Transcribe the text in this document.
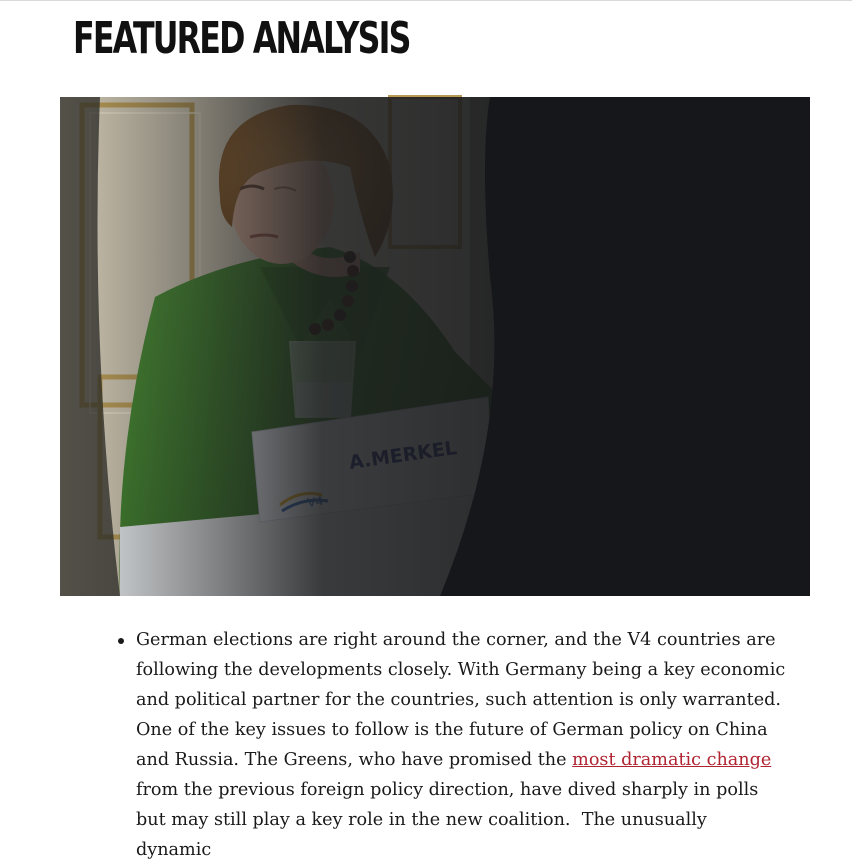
FEATURED ANALYSIS
German elections are right around the corner, and the V4 countries are following the developments closely. With Germany being a key economic and political partner for the countries, such attention is only warranted. One of the key issues to follow is the future of German policy on China and Russia. The Greens, who have promised the most dramatic change from the previous foreign policy direction, have dived sharply in polls but may still play a key role in the new coalition.  The unusually dynamic
